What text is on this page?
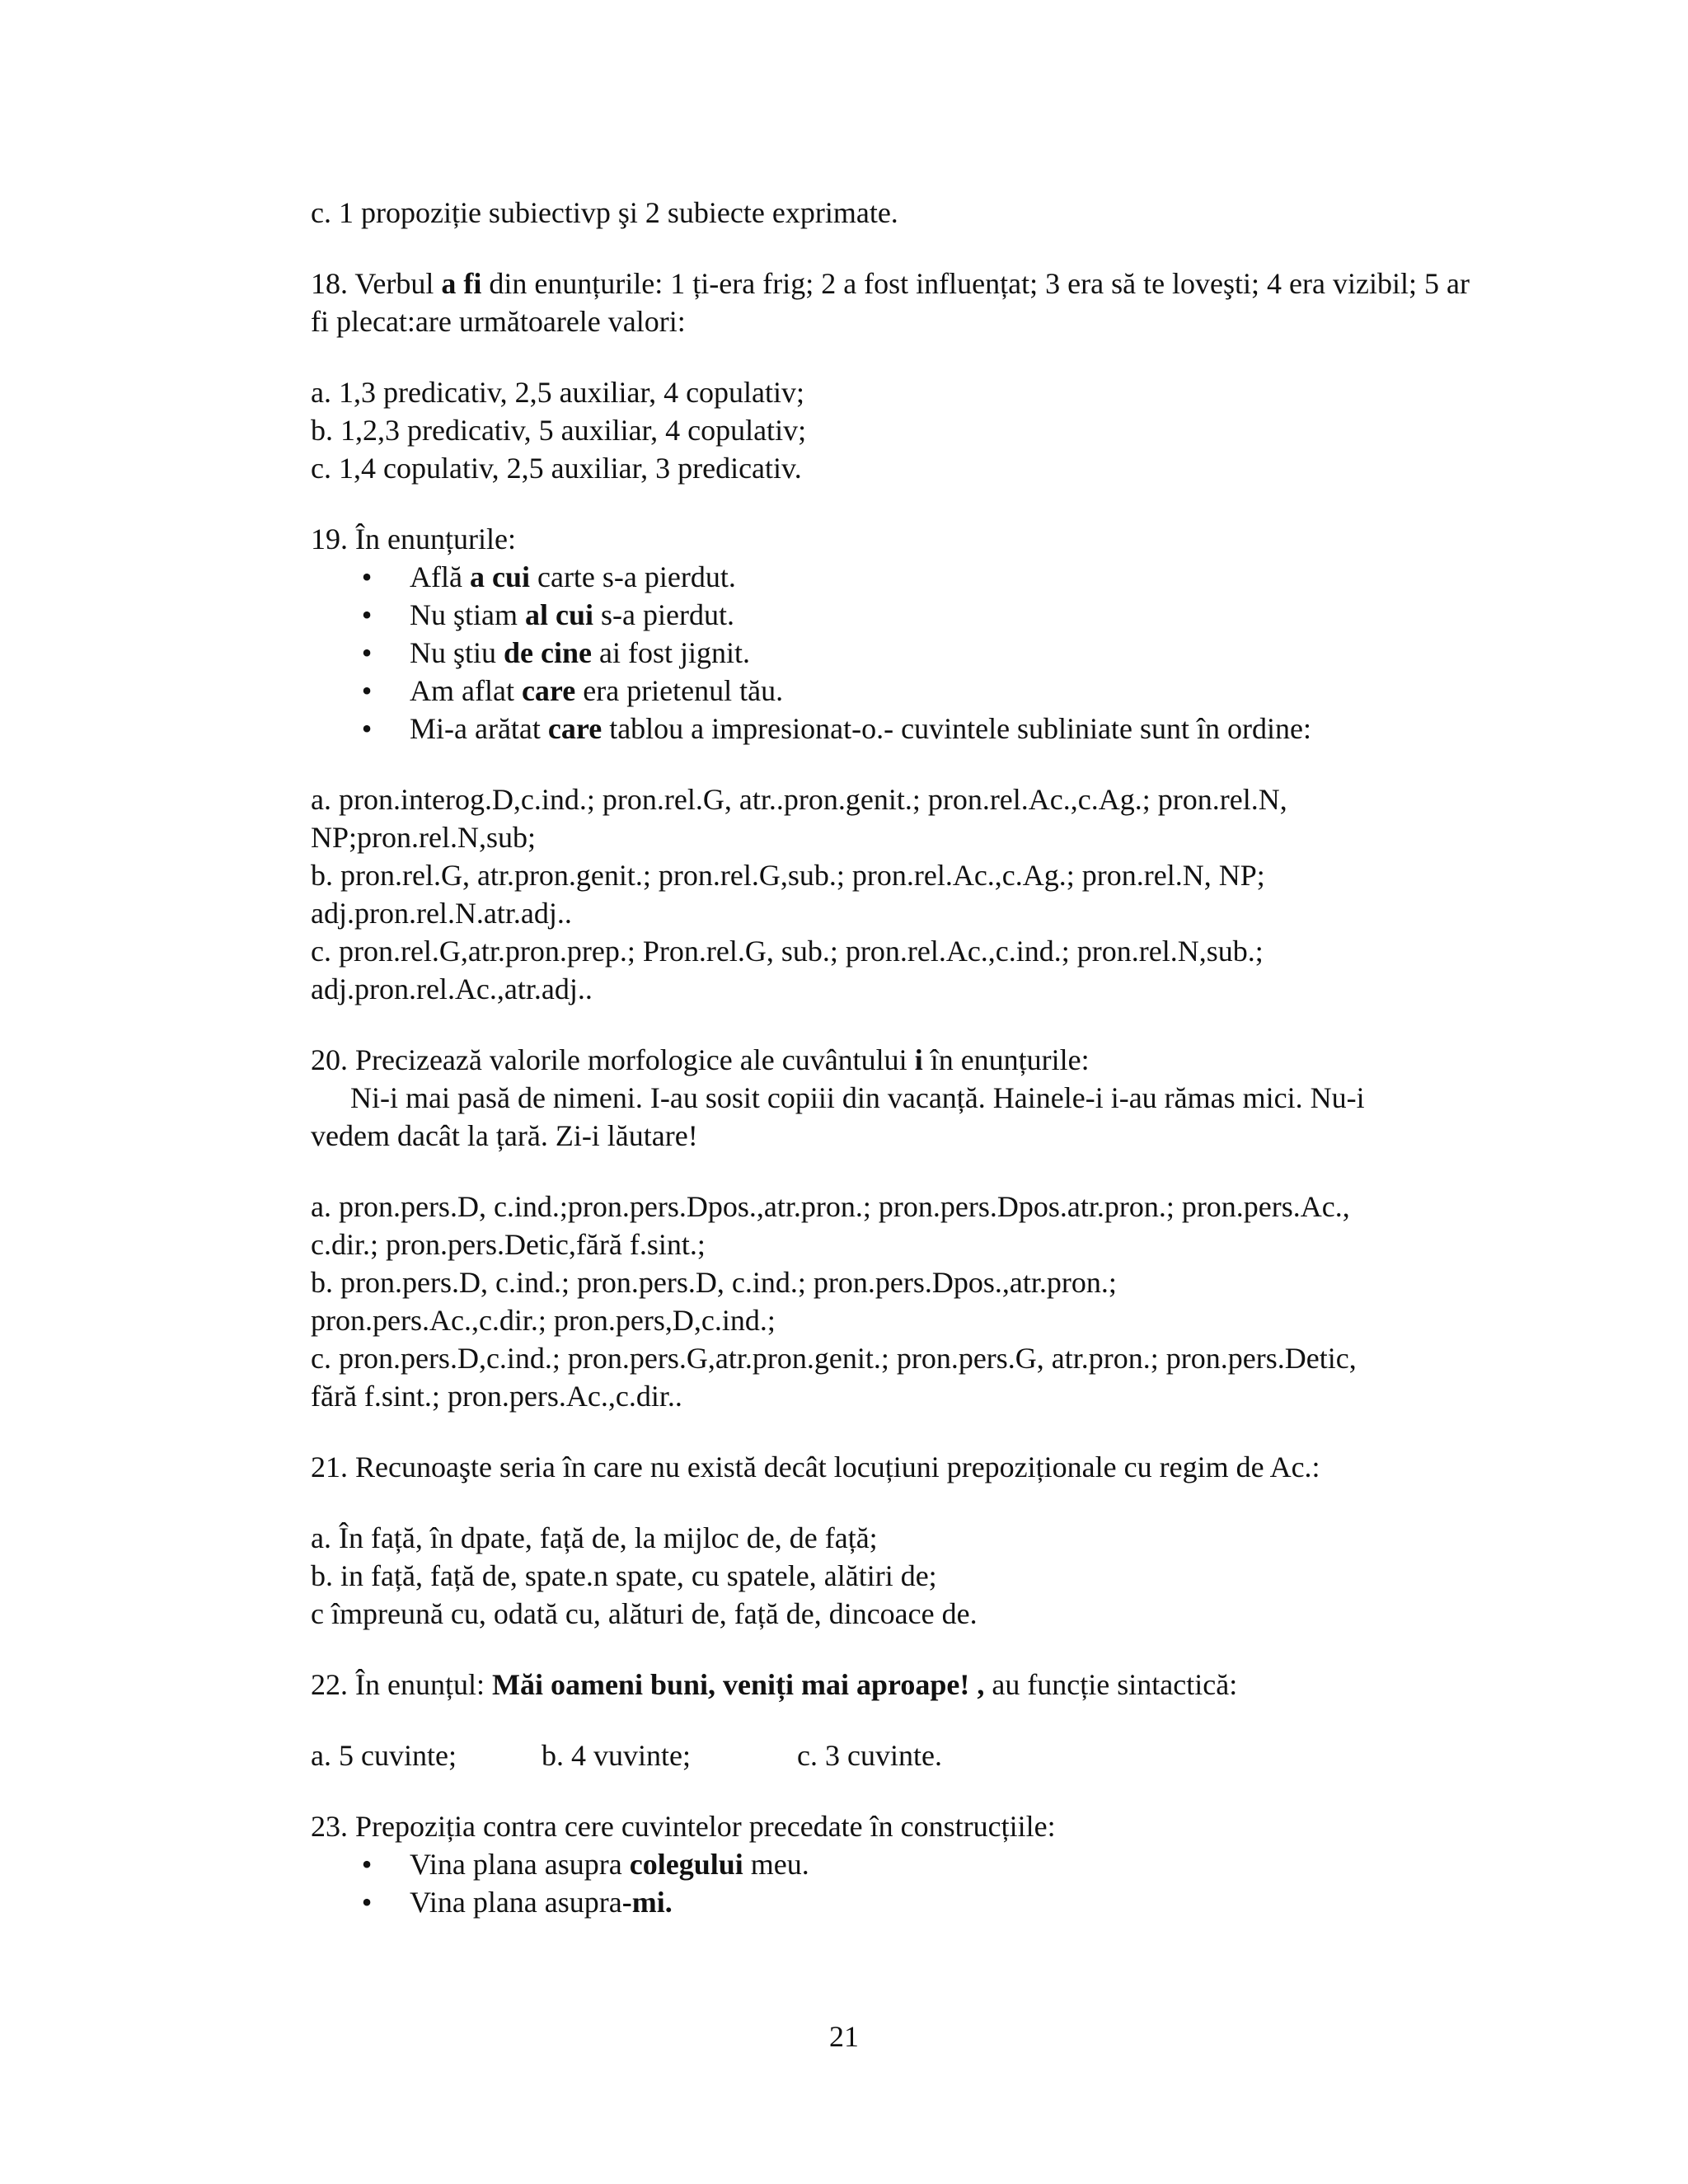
c. 1 propoziție subiectivp şi 2 subiecte exprimate.

18. Verbul a fi din enunțurile: 1 ți-era frig; 2 a fost influențat; 3 era să te loveşti; 4 era vizibil; 5 ar fi plecat:are următoarele valori:

a. 1,3 predicativ, 2,5 auxiliar, 4 copulativ;

b. 1,2,3 predicativ, 5 auxiliar, 4 copulativ;

c. 1,4 copulativ, 2,5 auxiliar, 3 predicativ.

19. În enunțurile:

• Află a cui carte s-a pierdut.
• Nu ştiam al cui s-a pierdut.
• Nu ştiu de cine ai fost jignit.
• Am aflat care era prietenul tău.
• Mi-a arătat care tablou a impresionat-o.- cuvintele subliniate sunt în ordine:

a. pron.interog.D,c.ind.; pron.rel.G, atr..pron.genit.; pron.rel.Ac.,c.Ag.; pron.rel.N,

NP;pron.rel.N,sub;

b. pron.rel.G, atr.pron.genit.; pron.rel.G,sub.; pron.rel.Ac.,c.Ag.; pron.rel.N, NP;

adj.pron.rel.N.atr.adj..

c. pron.rel.G,atr.pron.prep.; Pron.rel.G, sub.; pron.rel.Ac.,c.ind.; pron.rel.N,sub.;

adj.pron.rel.Ac.,atr.adj..

20. Precizează valorile morfologice ale cuvântului i în enunțurile:

Ni-i mai pasă de nimeni. I-au sosit copiii din vacanță. Hainele-i i-au rămas mici. Nu-i

vedem dacât la țară. Zi-i lăutare!

a. pron.pers.D, c.ind.;pron.pers.Dpos.,atr.pron.; pron.pers.Dpos.atr.pron.; pron.pers.Ac.,

c.dir.; pron.pers.Detic,fără f.sint.;

b. pron.pers.D, c.ind.; pron.pers.D, c.ind.; pron.pers.Dpos.,atr.pron.;

pron.pers.Ac.,c.dir.; pron.pers,D,c.ind.;

c. pron.pers.D,c.ind.; pron.pers.G,atr.pron.genit.; pron.pers.G, atr.pron.; pron.pers.Detic,

fără f.sint.; pron.pers.Ac.,c.dir..

21. Recunoaşte seria în care nu există decât locuțiuni prepoziționale cu regim de Ac.:

a. În față, în dpate, față de, la mijloc de, de față;

b. in față, față de, spate.n spate, cu spatele, alătiri de;

c împreună cu, odată cu, alături de, față de, dincoace de.

22. În enunțul: Măi oameni buni, veniți mai aproape! , au funcție sintactică:

a. 5 cuvinte;	b. 4 vuvinte;	c. 3 cuvinte.

23. Prepoziția contra cere cuvintelor precedate în construcțiile:

• Vina plana asupra colegului meu.
• Vina plana asupra-mi.
21
